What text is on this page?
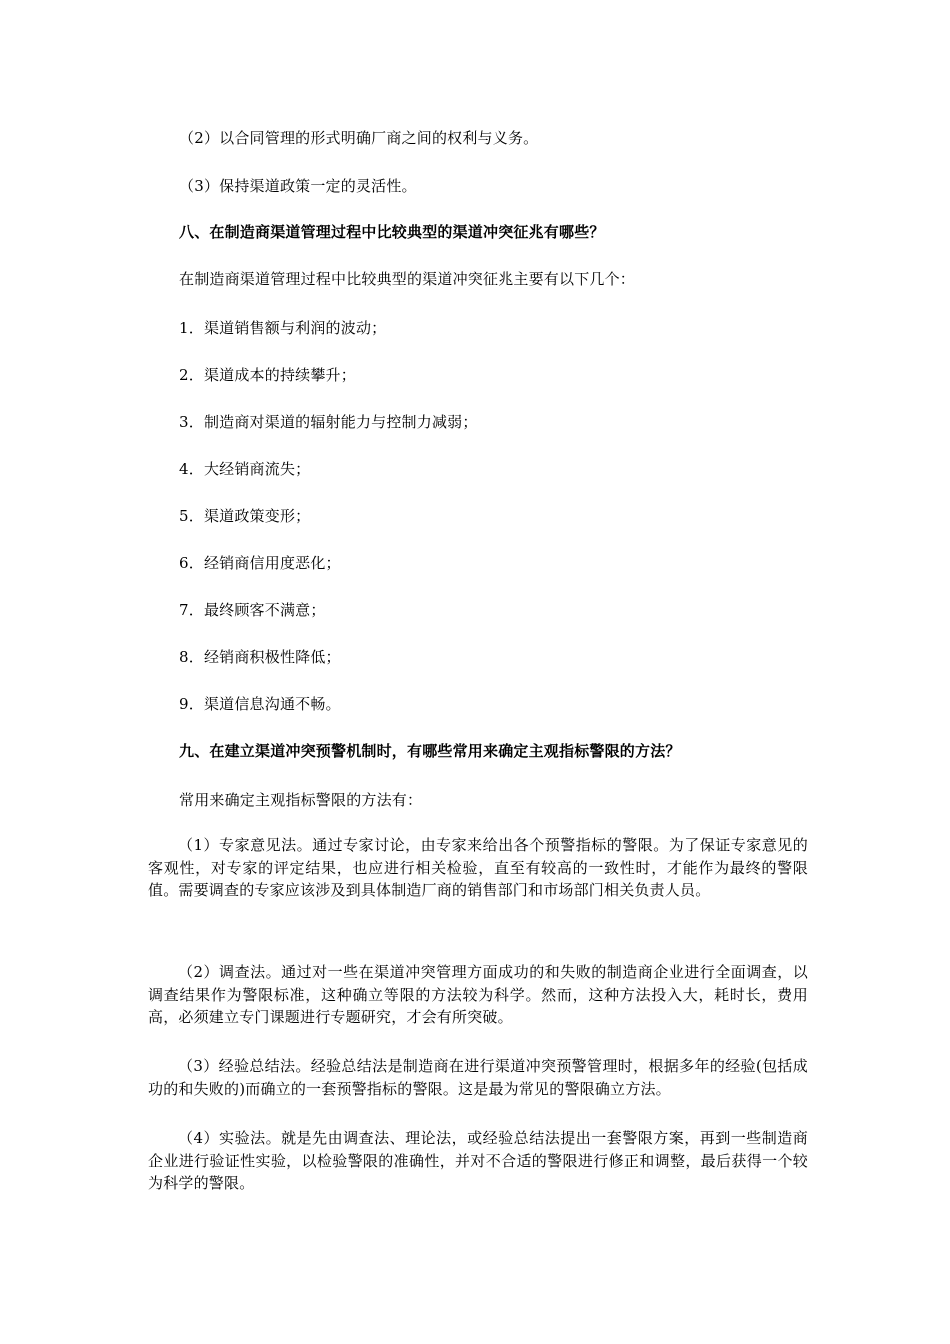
（2）以合同管理的形式明确厂商之间的权利与义务。
（3）保持渠道政策一定的灵活性。
八、在制造商渠道管理过程中比较典型的渠道冲突征兆有哪些？
在制造商渠道管理过程中比较典型的渠道冲突征兆主要有以下几个：
1．渠道销售额与利润的波动；
2．渠道成本的持续攀升；
3．制造商对渠道的辐射能力与控制力减弱；
4．大经销商流失；
5．渠道政策变形；
6．经销商信用度恶化；
7．最终顾客不满意；
8．经销商积极性降低；
9．渠道信息沟通不畅。
九、在建立渠道冲突预警机制时，有哪些常用来确定主观指标警限的方法？
常用来确定主观指标警限的方法有：
（1）专家意见法。通过专家讨论，由专家来给出各个预警指标的警限。为了保证专家意见的客观性，对专家的评定结果，也应进行相关检验，直至有较高的一致性时，才能作为最终的警限值。需要调查的专家应该涉及到具体制造厂商的销售部门和市场部门相关负责人员。
（2）调查法。通过对一些在渠道冲突管理方面成功的和失败的制造商企业进行全面调查，以调查结果作为警限标准，这种确立等限的方法较为科学。然而，这种方法投入大，耗时长，费用高，必须建立专门课题进行专题研究，才会有所突破。
（3）经验总结法。经验总结法是制造商在进行渠道冲突预警管理时，根据多年的经验(包括成功的和失败的)而确立的一套预警指标的警限。这是最为常见的警限确立方法。
（4）实验法。就是先由调查法、理论法，或经验总结法提出一套警限方案，再到一些制造商企业进行验证性实验，以检验警限的准确性，并对不合适的警限进行修正和调整，最后获得一个较为科学的警限。
